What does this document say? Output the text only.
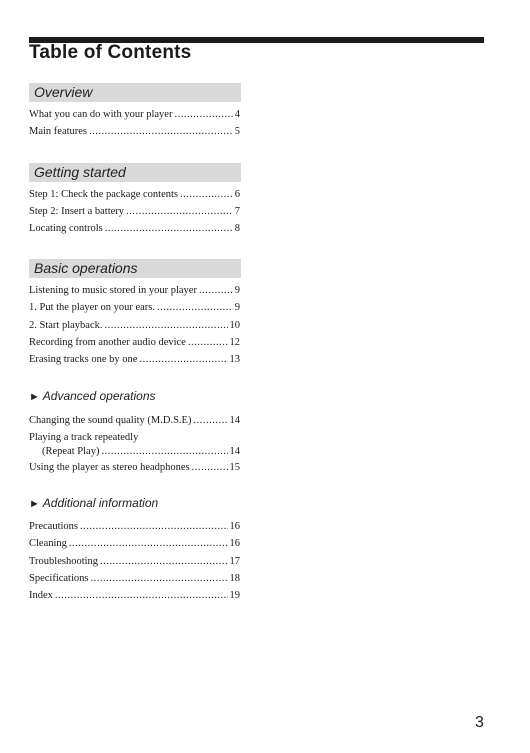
Table of Contents
Overview
What you can do with your player .....	4
Main features .....	5
Getting started
Step 1: Check the package contents .....	6
Step 2: Insert a battery .....	7
Locating controls .....	8
Basic operations
Listening to music stored in your player .....	9
1. Put the player on your ears. .....	9
2. Start playback. .....	10
Recording from another audio device .....	12
Erasing tracks one by one .....	13
► Advanced operations
Changing the sound quality (M.D.S.E) .....	14
Playing a track repeatedly
(Repeat Play) .....	14
Using the player as stereo headphones .....	15
► Additional information
Precautions .....	16
Cleaning .....	16
Troubleshooting .....	17
Specifications .....	18
Index .....	19
3
